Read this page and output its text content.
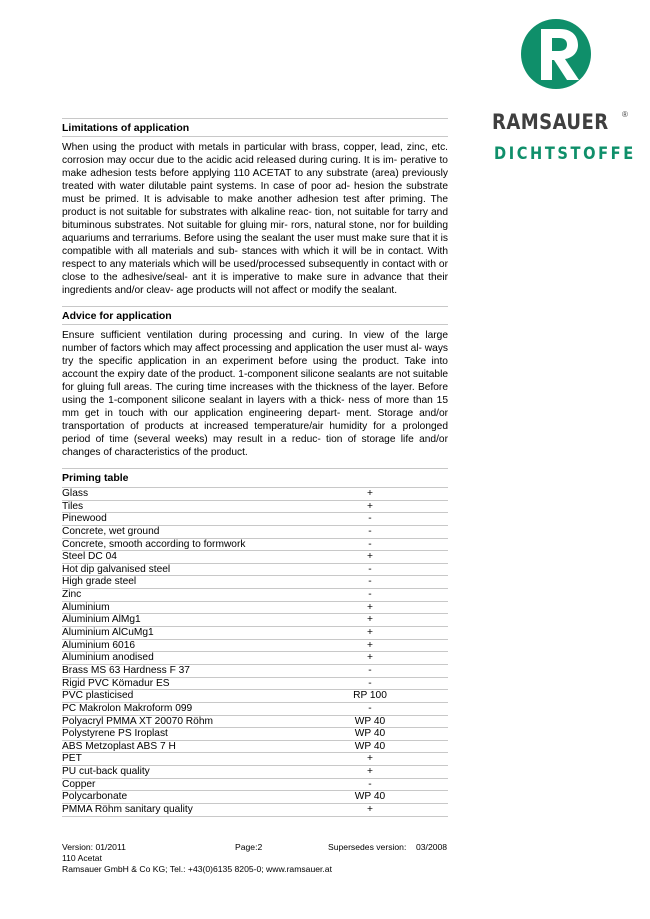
RAMSAUER ®
DICHTSTOFFE
Limitations of application
When using the product with metals in particular with brass, copper, lead, zinc, etc. corrosion may occur due to the acidic acid released during curing. It is im- perative to make adhesion tests before applying 110 ACETAT to any substrate (area) previously treated with water dilutable paint systems. In case of poor ad- hesion the substrate must be primed. It is advisable to make another adhesion test after priming. The product is not suitable for substrates with alkaline reac- tion, not suitable for tarry and bituminous substrates. Not suitable for gluing mir- rors, natural stone, nor for building aquariums and terrariums. Before using the sealant the user must make sure that it is compatible with all materials and sub- stances with which it will be in contact. With respect to any materials which will be used/processed subsequently in contact with or close to the adhesive/seal- ant it is imperative to make sure in advance that their ingredients and/or cleav- age products will not affect or modify the sealant.
Advice for application
Ensure sufficient ventilation during processing and curing. In view of the large number of factors which may affect processing and application the user must al- ways try the specific application in an experiment before using the product. Take into account the expiry date of the product. 1-component silicone sealants are not suitable for gluing full areas. The curing time increases with the thickness of the layer. Before using the 1-component silicone sealant in layers with a thick- ness of more than 15 mm get in touch with our application engineering depart- ment. Storage and/or transportation of products at increased temperature/air humidity for a prolonged period of time (several weeks) may result in a reduc- tion of storage life and/or changes of characteristics of the product.
Priming table
Glass	+
Tiles	+
Pinewood	-
Concrete, wet ground	-
Concrete, smooth according to formwork	-
Steel DC 04	+
Hot dip galvanised steel	-
High grade steel	-
Zinc	-
Aluminium	+
Aluminium AlMg1	+
Aluminium AlCuMg1	+
Aluminium 6016	+
Aluminium anodised	+
Brass MS 63 Hardness F 37	-
Rigid PVC Kömadur ES	-
PVC plasticised	RP 100
PC Makrolon Makroform 099	-
Polyacryl PMMA XT 20070 Röhm	WP 40
Polystyrene PS Iroplast	WP 40
ABS Metzoplast ABS 7 H	WP 40
PET	+
PU cut-back quality	+
Copper	-
Polycarbonate	WP 40
PMMA Röhm sanitary quality	+
Version: 01/2011	Page:2	Supersedes version: 03/2008
110 Acetat
Ramsauer GmbH & Co KG; Tel.: +43(0)6135 8205-0; www.ramsauer.at
